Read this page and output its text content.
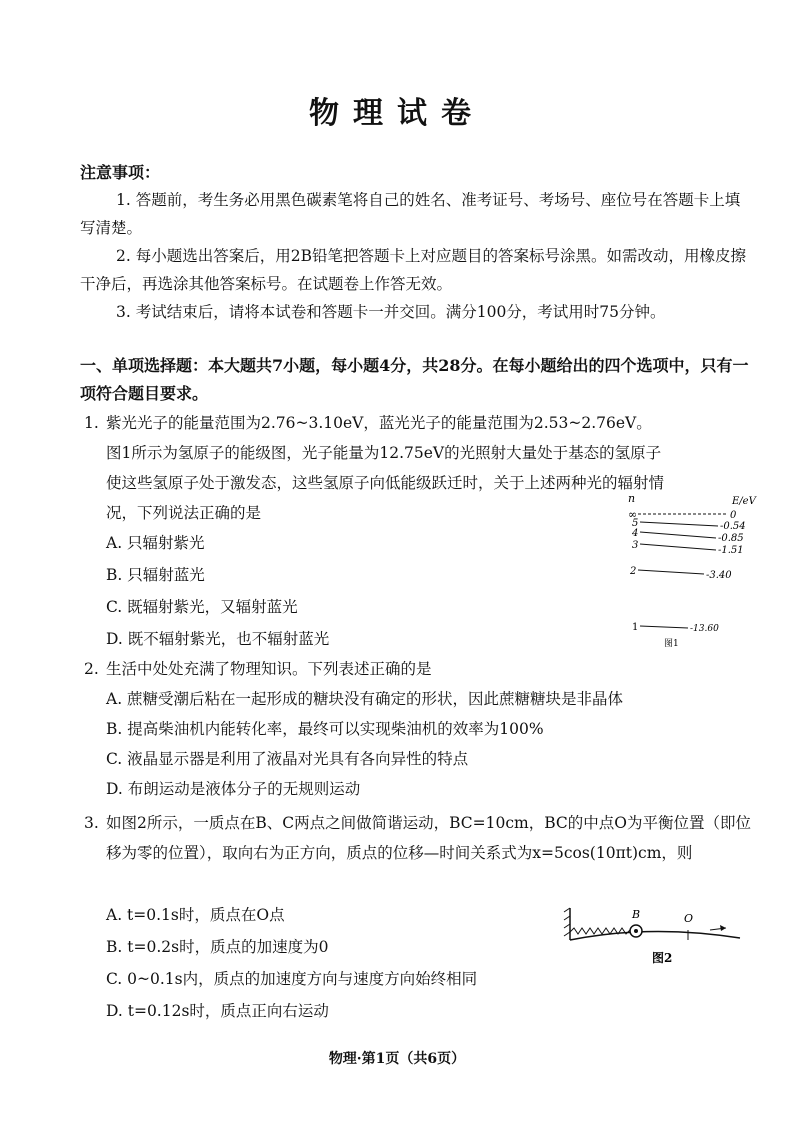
物理试卷
注意事项：

1. 答题前，考生务必用黑色碳素笔将自己的姓名、准考证号、考场号、座位号在答题卡上填写清楚。

2. 每小题选出答案后，用2B铅笔把答题卡上对应题目的答案标号涂黑。如需改动，用橡皮擦干净后，再选涂其他答案标号。在试题卷上作答无效。

3. 考试结束后，请将本试卷和答题卡一并交回。满分100分，考试用时75分钟。

一、单项选择题：本大题共7小题，每小题4分，共28分。在每小题给出的四个选项中，只有一项符合题目要求。
1. 紫光光子的能量范围为2.76~3.10eV，蓝光光子的能量范围为2.53~2.76eV。图1所示为氢原子的能级图，光子能量为12.75eV的光照射大量处于基态的氢原子使这些氢原子处于激发态，这些氢原子向低能级跃迁时，关于上述两种光的辐射情况，下列说法正确的是
A. 只辐射紫光
B. 只辐射蓝光
C. 既辐射紫光，又辐射蓝光
D. 既不辐射紫光，也不辐射蓝光
n	E/eV
∞	0
5	-0.54
4	-0.85
3	-1.51
2	-3.40
1	-13.60
图1
2. 生活中处处充满了物理知识。下列表述正确的是
A. 蔗糖受潮后粘在一起形成的糖块没有确定的形状，因此蔗糖糖块是非晶体
B. 提高柴油机内能转化率，最终可以实现柴油机的效率为100%
C. 液晶显示器是利用了液晶对光具有各向异性的特点
D. 布朗运动是液体分子的无规则运动
3. 如图2所示，一质点在B、C两点之间做简谐运动，BC=10cm，BC的中点O为平衡位置（即位移为零的位置），取向右为正方向，质点的位移—时间关系式为x=5cos(10πt)cm，则
A. t=0.1s时，质点在O点
B. t=0.2s时，质点的加速度为0
C. 0~0.1s内，质点的加速度方向与速度方向始终相同
D. t=0.12s时，质点正向右运动
B	O
图2
物理·第1页（共6页）
